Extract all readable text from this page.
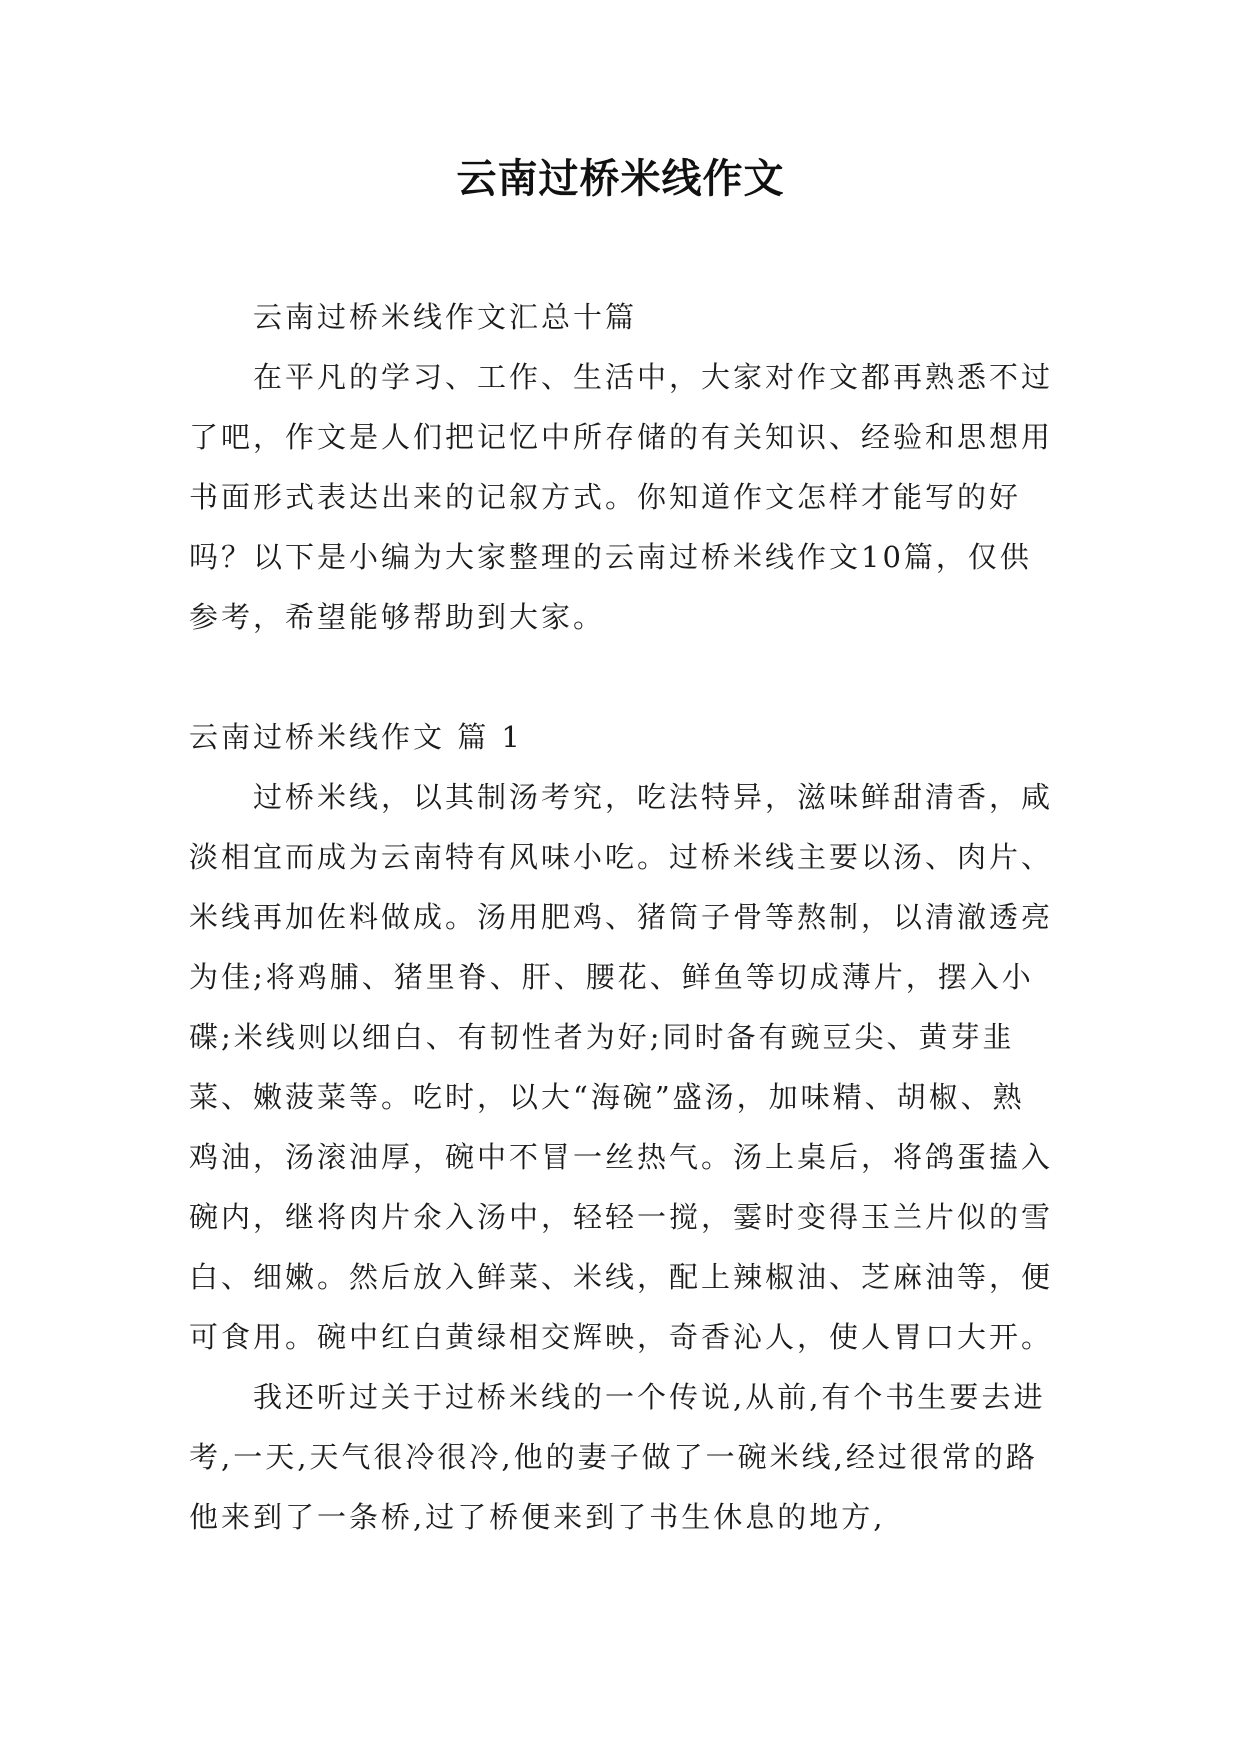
云南过桥米线作文

云南过桥米线作文汇总十篇

在平凡的学习、工作、生活中，大家对作文都再熟悉不过了吧，作文是人们把记忆中所存储的有关知识、经验和思想用书面形式表达出来的记叙方式。你知道作文怎样才能写的好吗？以下是小编为大家整理的云南过桥米线作文10篇，仅供参考，希望能够帮助到大家。

云南过桥米线作文 篇 1

过桥米线，以其制汤考究，吃法特异，滋味鲜甜清香，咸淡相宜而成为云南特有风味小吃。过桥米线主要以汤、肉片、米线再加佐料做成。汤用肥鸡、猪筒子骨等熬制，以清澈透亮为佳;将鸡脯、猪里脊、肝、腰花、鲜鱼等切成薄片，摆入小碟;米线则以细白、有韧性者为好;同时备有豌豆尖、黄芽韭菜、嫩菠菜等。吃时，以大“海碗”盛汤，加味精、胡椒、熟鸡油，汤滚油厚，碗中不冒一丝热气。汤上桌后，将鸽蛋搕入碗内，继将肉片氽入汤中，轻轻一搅，霎时变得玉兰片似的雪白、细嫩。然后放入鲜菜、米线，配上辣椒油、芝麻油等，便可食用。碗中红白黄绿相交辉映，奇香沁人，使人胃口大开。

我还听过关于过桥米线的一个传说,从前,有个书生要去进考,一天,天气很冷很冷,他的妻子做了一碗米线,经过很常的路他来到了一条桥,过了桥便来到了书生休息的地方,
